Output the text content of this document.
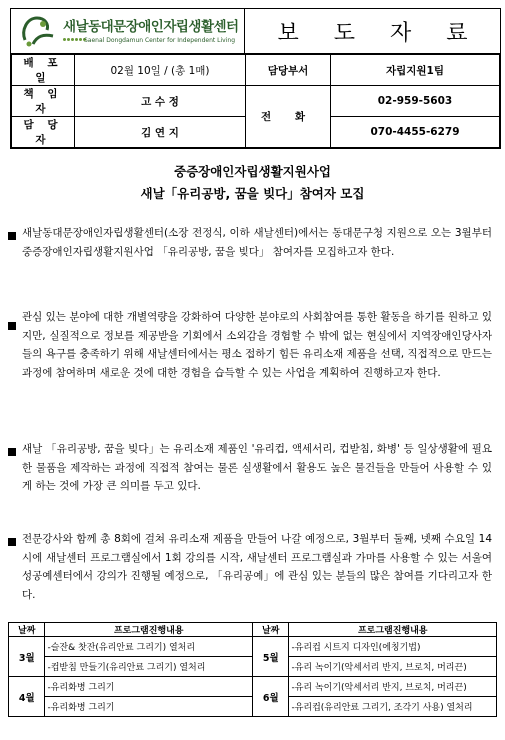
새날동대문장애인자립생활센터
Saenal Dongdamun Center for Independent Living	보 도 자 료
배 포 일	02월 10일 / (총 1매)	담당부서	자립지원1팀
책 임 자	고 수 정	전 화	02-959-5603
담 당 자	김 연 지		070-4455-6279
중증장애인자립생활지원사업
새날「유리공방, 꿈을 빚다」참여자 모집
새날동대문장애인자립생활센터(소장 전정식, 이하 새날센터)에서는 동대문구청 지원으로 오는 3월부터 중증장애인자립생활지원사업 「유리공방, 꿈을 빚다」 참여자를 모집하고자 한다.
관심 있는 분야에 대한 개별역량을 강화하여 다양한 분야로의 사회참여를 통한 활동을 하기를 원하고 있지만, 실질적으로 정보를 제공받을 기회에서 소외감을 경험할 수 밖에 없는 현실에서 지역장애인당사자들의 욕구를 충족하기 위해 새날센터에서는 평소 접하기 힘든 유리소재 제품을 선택, 직접적으로 만드는 과정에 참여하며 새로운 것에 대한 경험을 습득할 수 있는 사업을 계획하여 진행하고자 한다.
새날 「유리공방, 꿈을 빚다」는 유리소재 제품인 '유리컵, 액세서리, 컵받침, 화병' 등 일상생활에 필요한 물품을 제작하는 과정에 직접적 참여는 물론 실생활에서 활용도 높은 물건들을 만들어 사용할 수 있게 하는 것에 가장 큰 의미를 두고 있다.
전문강사와 함께 총 8회에 걸쳐 유리소재 제품을 만들어 나갈 예정으로, 3월부터 둘째, 넷째 수요일 14시에 새날센터 프로그램실에서 1회 강의를 시작, 새날센터 프로그램실과 가마를 사용할 수 있는 서울여성공예센터에서 강의가 진행될 예정으로, 「유리공예」에 관심 있는 분들의 많은 참여를 기다리고자 한다.
날짜	프로그램진행내용	날짜	프로그램진행내용
3월	-슬잔& 찻잔(유리안료 그리기) 열처리	5월	-유리컵 시트지 디자인(에칭기법)
	-컵받침 만들기(유리안료 그리기) 열처리		-유리 녹이기(악세서리 반지, 브로치, 머리끈)
4월	-유리화병 그리기	6월	-유리 녹이기(악세서리 반지, 브로치, 머리끈)
	-유리화병 그리기		-유리컵(유리안료 그리기, 조각기 사용) 열처리
